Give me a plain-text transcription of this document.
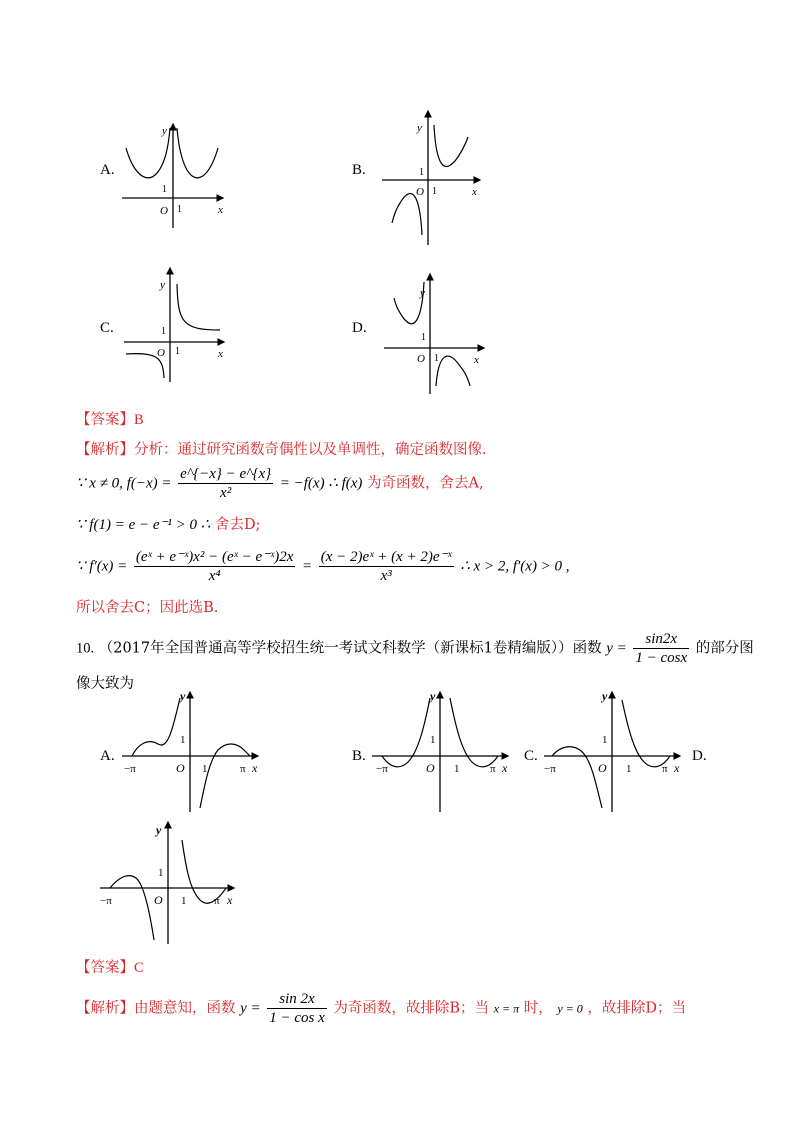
A.
y
x
O 1
1
B.
y
x
O 1
1
C.
y
x
O 1
1	D.
y
x
O 1
1
【答案】B
【解析】分析：通过研究函数奇偶性以及单调性，确定函数图像.
∵ x ≠ 0, $f(-x) = \frac{e\^{}\{-x\} - e\^{}\{x\}}{\text{x²}} = -f(x)$ ∴ f(x) 为奇函数，舍去A,
∵ f(1) = e − e⁻¹ > 0 ∴ 舍去D;
∵ $f'(x) = \frac{\text{(eˣ + e⁻ˣ)x² − (eˣ − e⁻ˣ)2x}}{\text{x⁴}} = \frac{\text{(x − 2)eˣ + (x + 2)e⁻ˣ}}{\text{x³}}$ ∴ x > 2, f′(x) > 0 ,
所以舍去C；因此选B.
10. （2017年全国普通高等学校招生统一考试文科数学（新课标1卷精编版））函数 $y = \frac{\sin 2x}{1 - \cos x}$ 的部分图
像大致为
A.
y
x
O 1
1
−π	π
B.
y
x
O 1
1
−π	π
C.
y
x
O 1
1
−π	π
D.
y
x
O 1
1
−π	π
【答案】C
【解析】由题意知，函数 $y = \frac{\sin 2x}{\text{1 − cos x}}$ 为奇函数，故排除B；当 x = π 时， y = 0 ，故排除D；当
